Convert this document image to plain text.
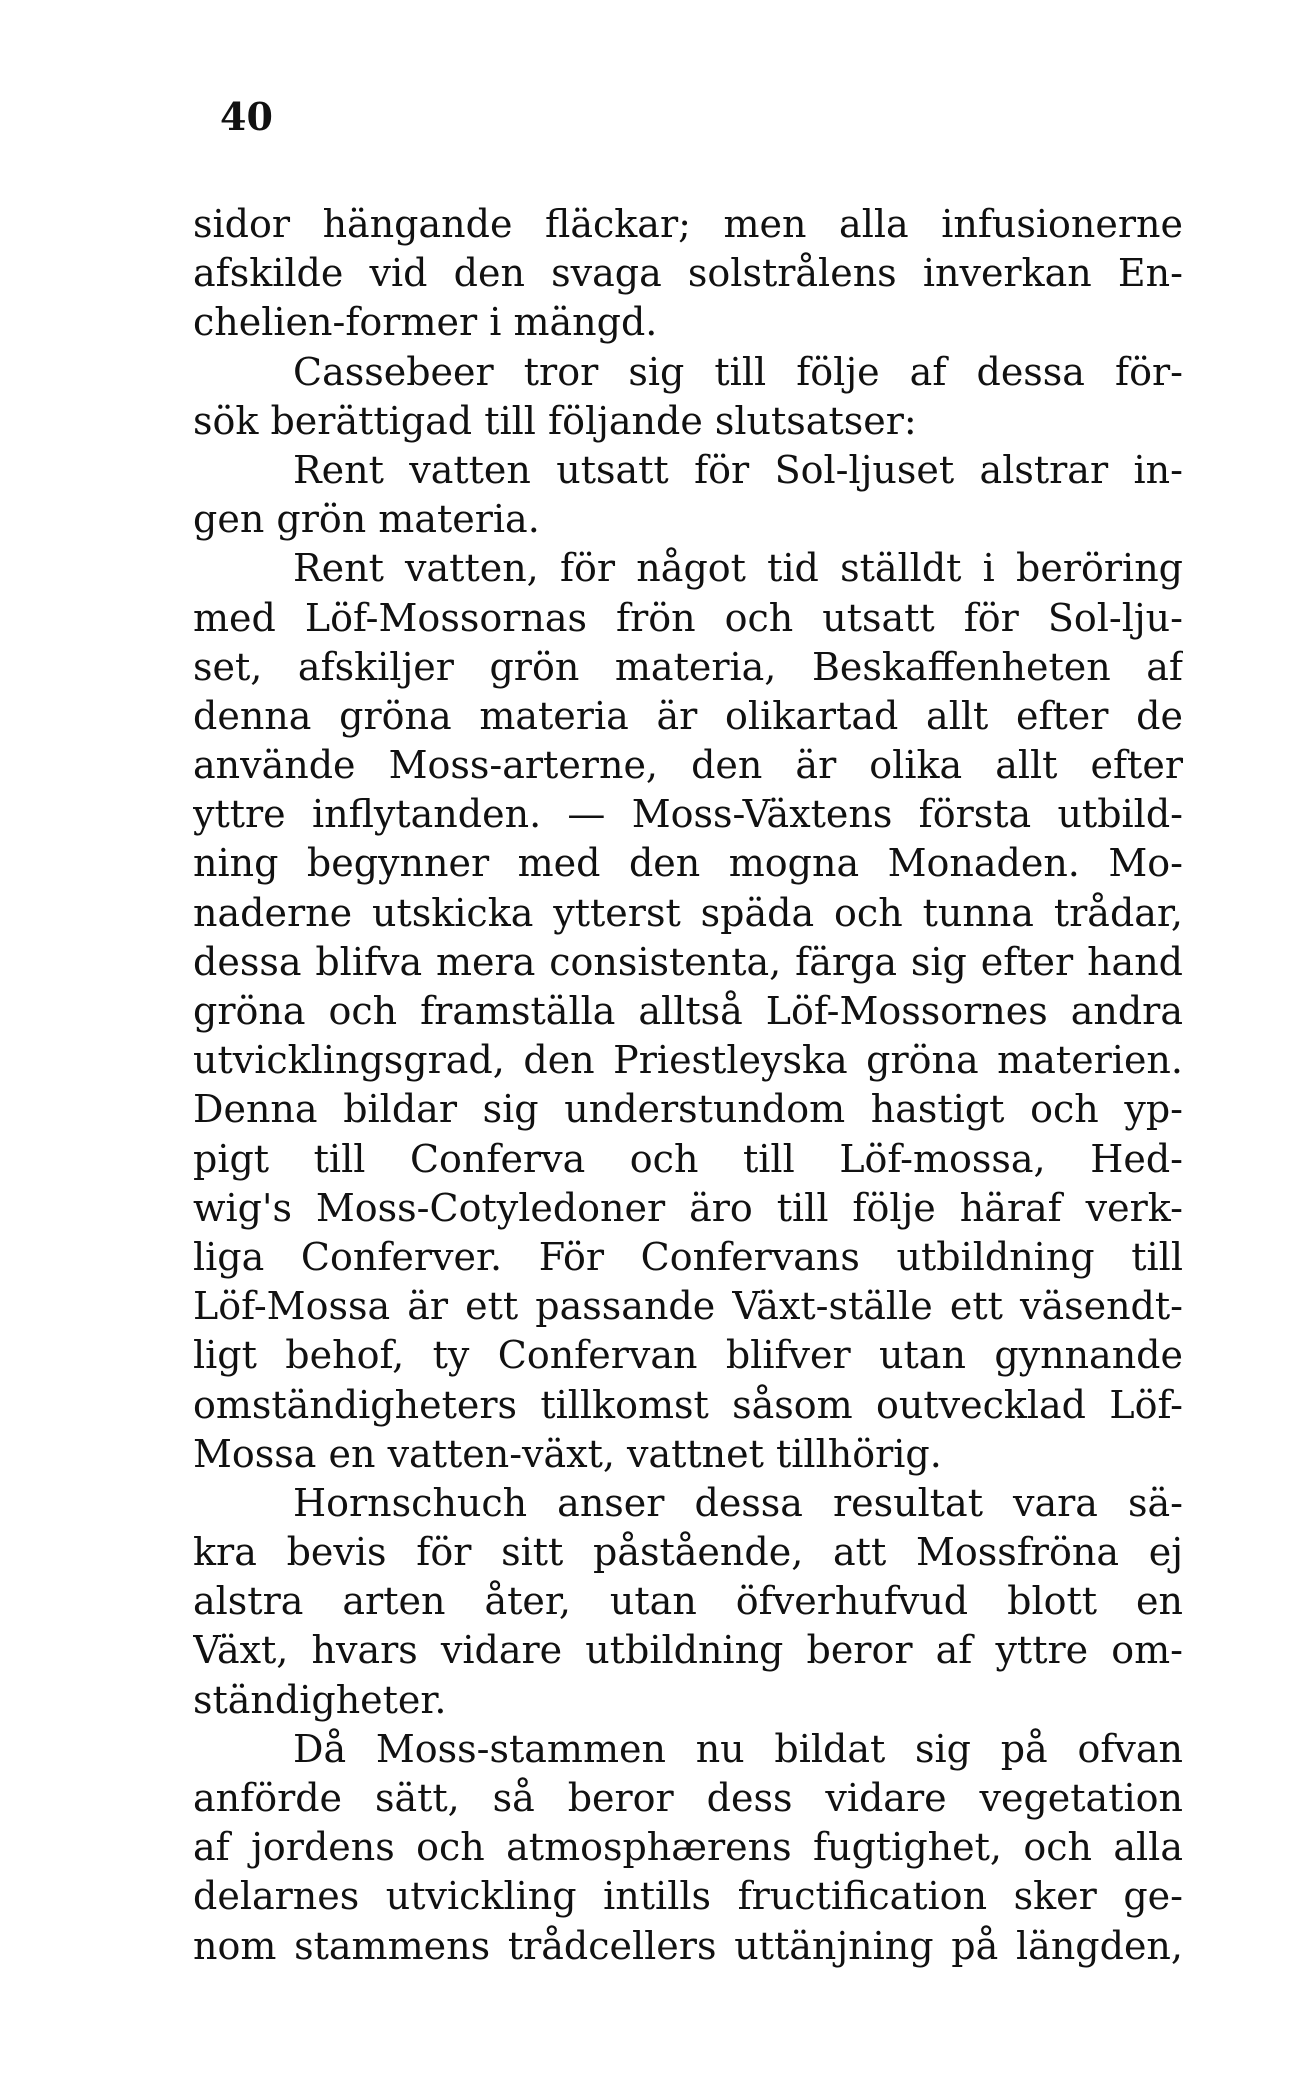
40
sidor hängande fläckar; men alla infusionerne
afskilde vid den svaga solstrålens inverkan En-
chelien-former i mängd.
Cassebeer tror sig till följe af dessa för-
sök berättigad till följande slutsatser:
Rent vatten utsatt för Sol-ljuset alstrar in-
gen grön materia.
Rent vatten, för något tid ställdt i beröring
med Löf-Mossornas frön och utsatt för Sol-lju-
set, afskiljer grön materia, Beskaffenheten af
denna gröna materia är olikartad allt efter de
använde Moss-arterne, den är olika allt efter
yttre inflytanden. — Moss-Växtens första utbild-
ning begynner med den mogna Monaden. Mo-
naderne utskicka ytterst späda och tunna trådar,
dessa blifva mera consistenta, färga sig efter hand
gröna och framställa alltså Löf-Mossornes andra
utvicklingsgrad, den Priestleyska gröna materien.
Denna bildar sig understundom hastigt och yp-
pigt till Conferva och till Löf-mossa, Hed-
wig's Moss-Cotyledoner äro till följe häraf verk-
liga Conferver. För Confervans utbildning till
Löf-Mossa är ett passande Växt-ställe ett väsendt-
ligt behof, ty Confervan blifver utan gynnande
omständigheters tillkomst såsom outvecklad Löf-
Mossa en vatten-växt, vattnet tillhörig.
Hornschuch anser dessa resultat vara sä-
kra bevis för sitt påstående, att Mossfröna ej
alstra arten åter, utan öfverhufvud blott en
Växt, hvars vidare utbildning beror af yttre om-
ständigheter.
Då Moss-stammen nu bildat sig på ofvan
anförde sätt, så beror dess vidare vegetation
af jordens och atmosphærens fugtighet, och alla
delarnes utvickling intills fructification sker ge-
nom stammens trådcellers uttänjning på längden,
